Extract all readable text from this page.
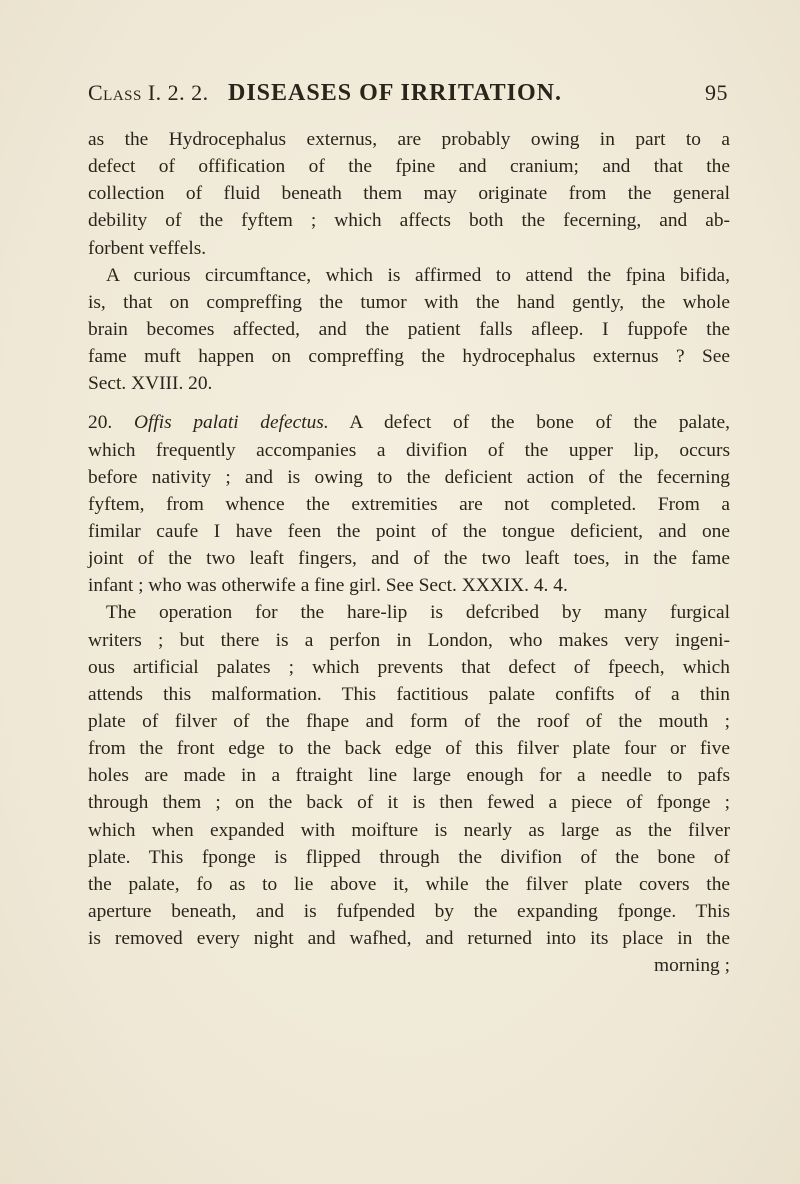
Class I. 2. 2. DISEASES OF IRRITATION.	95
as the Hydrocephalus externus, are probably owing in part to a
defect of offification of the fpine and cranium; and that the
collection of fluid beneath them may originate from the general
debility of the fyftem ; which affects both the fecerning, and ab-
forbent veffels.
A curious circumftance, which is affirmed to attend the fpina bifida,
is, that on compreffing the tumor with the hand gently, the whole
brain becomes affected, and the patient falls afleep. I fuppofe the
fame muft happen on compreffing the hydrocephalus externus ? See
Sect. XVIII. 20.
20. Offis palati defectus. A defect of the bone of the palate,
which frequently accompanies a divifion of the upper lip, occurs
before nativity ; and is owing to the deficient action of the fecerning
fyftem, from whence the extremities are not completed. From a
fimilar caufe I have feen the point of the tongue deficient, and one
joint of the two leaft fingers, and of the two leaft toes, in the fame
infant ; who was otherwife a fine girl. See Sect. XXXIX. 4. 4.
The operation for the hare-lip is defcribed by many furgical
writers ; but there is a perfon in London, who makes very ingeni-
ous artificial palates ; which prevents that defect of fpeech, which
attends this malformation. This factitious palate confifts of a thin
plate of filver of the fhape and form of the roof of the mouth ;
from the front edge to the back edge of this filver plate four or five
holes are made in a ftraight line large enough for a needle to pafs
through them ; on the back of it is then fewed a piece of fponge ;
which when expanded with moifture is nearly as large as the filver
plate. This fponge is flipped through the divifion of the bone of
the palate, fo as to lie above it, while the filver plate covers the
aperture beneath, and is fufpended by the expanding fponge. This
is removed every night and wafhed, and returned into its place in the
morning ;
